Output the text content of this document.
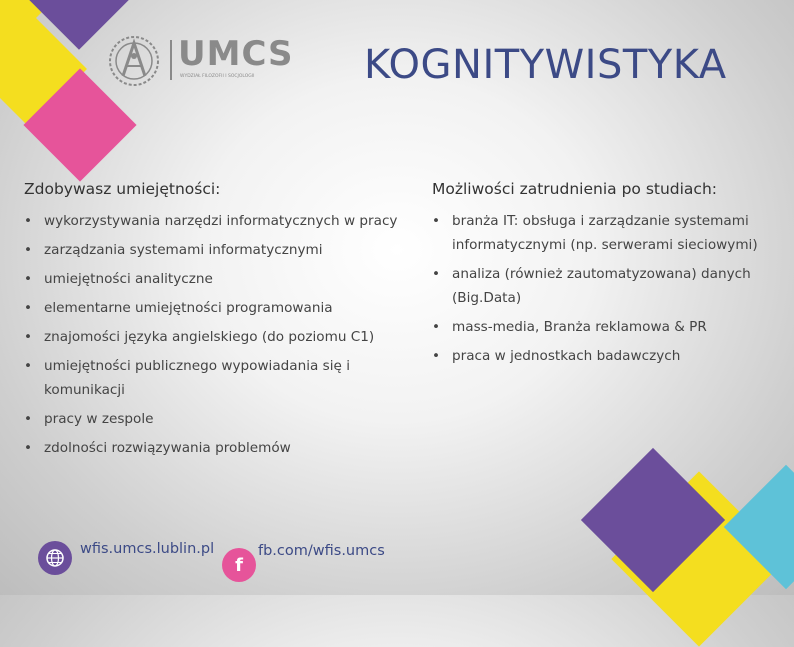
UMCS
WYDZIAŁ FILOZOFII I SOCJOLOGII	KOGNITYWISTYKA
Zdobywasz umiejętności:
• wykorzystywania narzędzi informatycznych w pracy
• zarządzania systemami informatycznymi
• umiejętności analityczne
• elementarne umiejętności programowania
• znajomości języka angielskiego (do poziomu C1)
• umiejętności publicznego wypowiadania się i komunikacji
• pracy w zespole
• zdolności rozwiązywania problemów
Możliwości zatrudnienia po studiach:
• branża IT: obsługa i zarządzanie systemami informatycznymi (np. serwerami sieciowymi)
• analiza (również zautomatyzowana) danych (Big.Data)
• mass-media, Branża reklamowa & PR
• praca w jednostkach badawczych
wfis.umcs.lublin.pl
f
fb.com/wfis.umcs
